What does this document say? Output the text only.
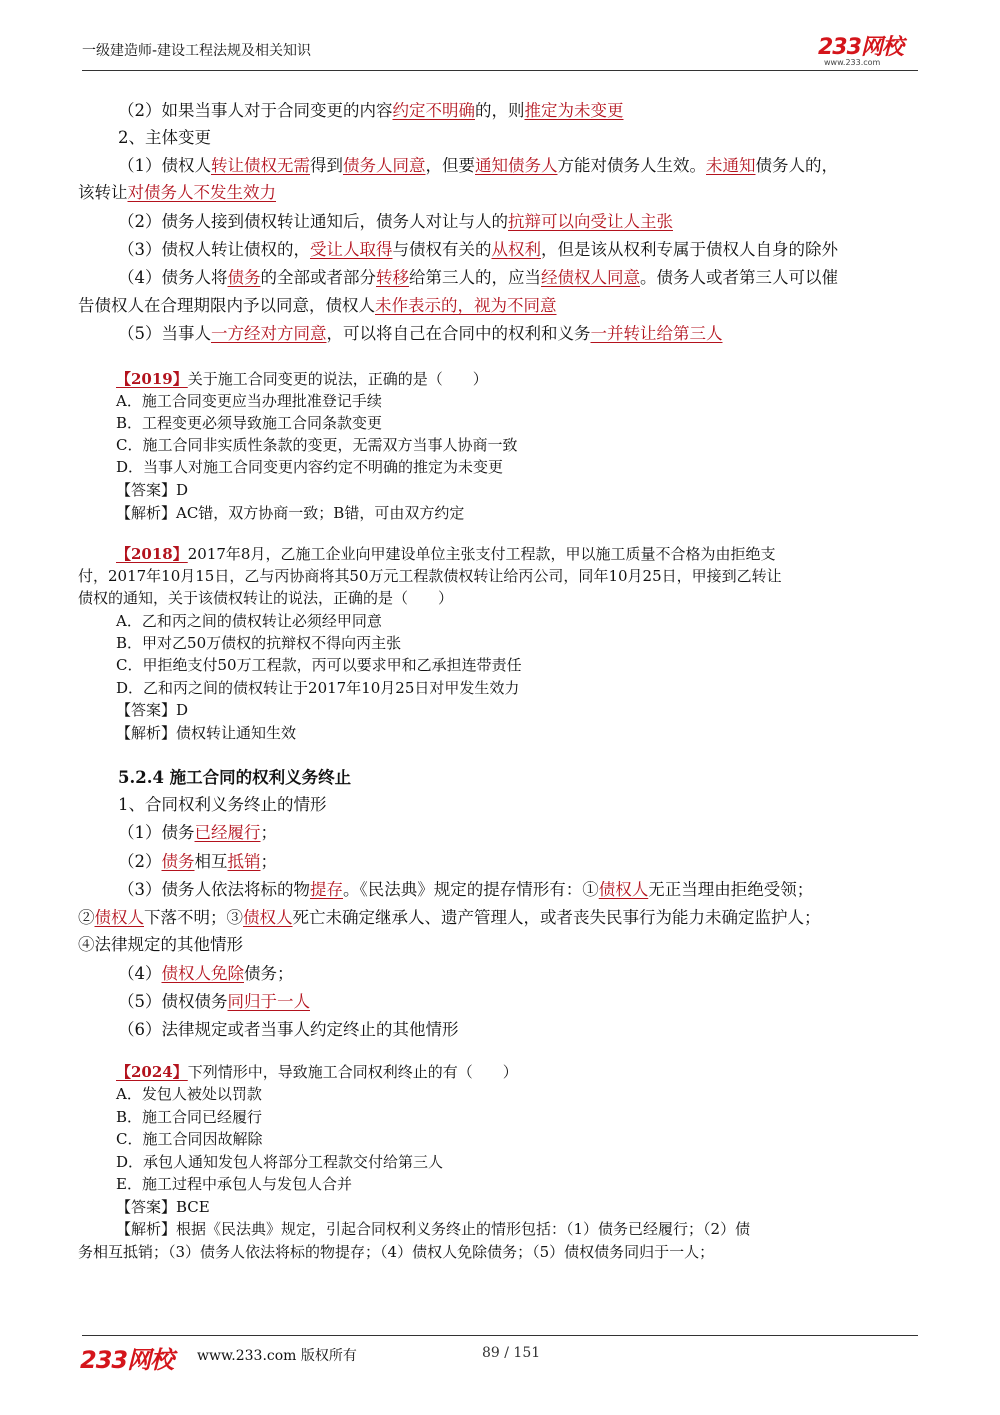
一级建造师-建设工程法规及相关知识	233网校
www.233.com
（2）如果当事人对于合同变更的内容约定不明确的，则推定为未变更
2、主体变更
（1）债权人转让债权无需得到债务人同意，但要通知债务人方能对债务人生效。未通知债务人的，
该转让对债务人不发生效力
（2）债务人接到债权转让通知后，债务人对让与人的抗辩可以向受让人主张
（3）债权人转让债权的，受让人取得与债权有关的从权利，但是该从权利专属于债权人自身的除外
（4）债务人将债务的全部或者部分转移给第三人的，应当经债权人同意。债务人或者第三人可以催
告债权人在合理期限内予以同意，债权人未作表示的，视为不同意
（5）当事人一方经对方同意，可以将自己在合同中的权利和义务一并转让给第三人
【2019】关于施工合同变更的说法，正确的是（　　）
A．施工合同变更应当办理批准登记手续
B．工程变更必须导致施工合同条款变更
C．施工合同非实质性条款的变更，无需双方当事人协商一致
D．当事人对施工合同变更内容约定不明确的推定为未变更
【答案】D
【解析】AC错，双方协商一致；B错，可由双方约定
【2018】2017年8月，乙施工企业向甲建设单位主张支付工程款，甲以施工质量不合格为由拒绝支
付，2017年10月15日，乙与丙协商将其50万元工程款债权转让给丙公司，同年10月25日，甲接到乙转让
债权的通知，关于该债权转让的说法，正确的是（　　）
A．乙和丙之间的债权转让必须经甲同意
B．甲对乙50万债权的抗辩权不得向丙主张
C．甲拒绝支付50万工程款，丙可以要求甲和乙承担连带责任
D．乙和丙之间的债权转让于2017年10月25日对甲发生效力
【答案】D
【解析】债权转让通知生效
5.2.4 施工合同的权利义务终止
1、合同权利义务终止的情形
（1）债务已经履行；
（2）债务相互抵销；
（3）债务人依法将标的物提存。《民法典》规定的提存情形有：①债权人无正当理由拒绝受领；
②债权人下落不明；③债权人死亡未确定继承人、遗产管理人，或者丧失民事行为能力未确定监护人；
④法律规定的其他情形
（4）债权人免除债务；
（5）债权债务同归于一人
（6）法律规定或者当事人约定终止的其他情形
【2024】下列情形中，导致施工合同权利终止的有（　　）
A．发包人被处以罚款
B．施工合同已经履行
C．施工合同因故解除
D．承包人通知发包人将部分工程款交付给第三人
E．施工过程中承包人与发包人合并
【答案】BCE
【解析】根据《民法典》规定，引起合同权利义务终止的情形包括：（1）债务已经履行；（2）债
务相互抵销；（3）债务人依法将标的物提存；（4）债权人免除债务；（5）债权债务同归于一人；
233网校 www.233.com 版权所有	89 / 151
